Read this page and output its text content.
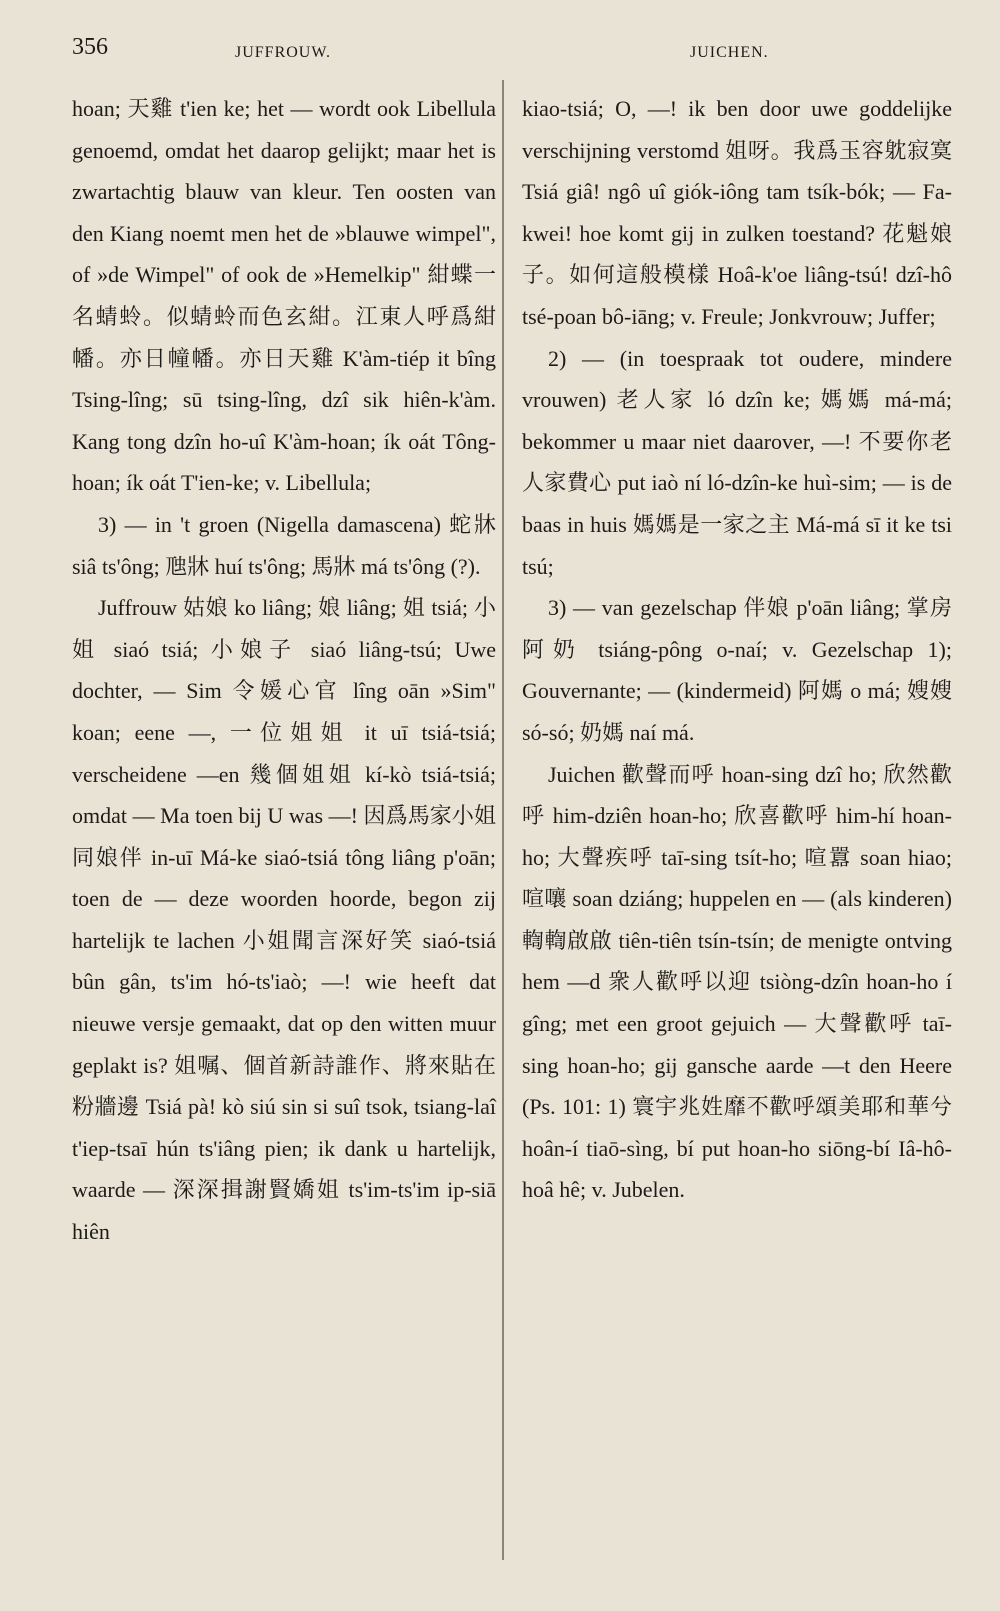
356	JUFFROUW.	JUICHEN.

hoan; 天雞 t'ien ke; het — wordt ook Libellula genoemd, omdat het daarop gelijkt; maar het is zwartachtig blauw van kleur. Ten oosten van den Kiang noemt men het de »blauwe wimpel", of »de Wimpel" of ook de »Hemelkip" 紺蝶一名蜻蛉。似蜻蛉而色玄紺。江東人呼爲紺幡。亦日幢幡。亦日天雞 K'àm-tiép it bîng Tsing-lîng; sū tsing-lîng, dzî sik hiên-k'àm. Kang tong dzîn ho-uî K'àm-hoan; ík oát Tông-hoan; ík oát T'ien-ke; v. Libellula;

3) — in 't groen (Nigella damascena) 蛇牀 siâ ts'ông; 虺牀 huí ts'ông; 馬牀 má ts'ông (?).

Juffrouw 姑娘 ko liâng; 娘 liâng; 姐 tsiá; 小姐 siaó tsiá; 小娘子 siaó liâng-tsú; Uwe dochter, — Sim 令媛心官 lîng oān »Sim" koan; eene —, 一位姐姐 it uī tsiá-tsiá; verscheidene —en 幾個姐姐 kí-kò tsiá-tsiá; omdat — Ma toen bij U was —! 因爲馬家小姐同娘伴 in-uī Má-ke siaó-tsiá tông liâng p'oān; toen de — deze woorden hoorde, begon zij hartelijk te lachen 小姐聞言深好笑 siaó-tsiá bûn gân, ts'im hó-ts'iaò; —! wie heeft dat nieuwe versje gemaakt, dat op den witten muur geplakt is? 姐嘱、個首新詩誰作、將來貼在粉牆邊 Tsiá pà! kò siú sin si suî tsok, tsiang-laî t'iep-tsaī hún ts'iâng pien; ik dank u hartelijk, waarde — 深深揖謝賢嬌姐 ts'im-ts'im ip-siā hiên

kiao-tsiá; O, —! ik ben door uwe goddelijke verschijning verstomd 姐呀。我爲玉容躭寂寞 Tsiá giâ! ngô uî giók-iông tam tsík-bók; — Fa-kwei! hoe komt gij in zulken toestand? 花魁娘子。如何這般模樣 Hoâ-k'oe liâng-tsú! dzî-hô tsé-poan bô-iāng; v. Freule; Jonkvrouw; Juffer;

2) — (in toespraak tot oudere, mindere vrouwen) 老人家 ló dzîn ke; 媽媽 má-má; bekommer u maar niet daarover, —! 不要你老人家費心 put iaò ní ló-dzîn-ke huì-sim; — is de baas in huis 媽媽是一家之主 Má-má sī it ke tsi tsú;

3) — van gezelschap 伴娘 p'oān liâng; 掌房阿奶 tsiáng-pông o-naí; v. Gezelschap 1); Gouvernante; — (kindermeid) 阿媽 o má; 嫂嫂 só-só; 奶媽 naí má.

Juichen 歡聲而呼 hoan-sing dzî ho; 欣然歡呼 him-dziên hoan-ho; 欣喜歡呼 him-hí hoan-ho; 大聲疾呼 taī-sing tsít-ho; 喧囂 soan hiao; 喧嚷 soan dziáng; huppelen en — (als kinderen) 輷輷啟啟 tiên-tiên tsín-tsín; de menigte ontving hem —d 衆人歡呼以迎 tsiòng-dzîn hoan-ho í gîng; met een groot gejuich — 大聲歡呼 taī-sing hoan-ho; gij gansche aarde —t den Heere (Ps. 101: 1) 寰宇兆姓靡不歡呼頌美耶和華兮 hoân-í tiaō-sìng, bí put hoan-ho siōng-bí Iâ-hô-hoâ hê; v. Jubelen.
